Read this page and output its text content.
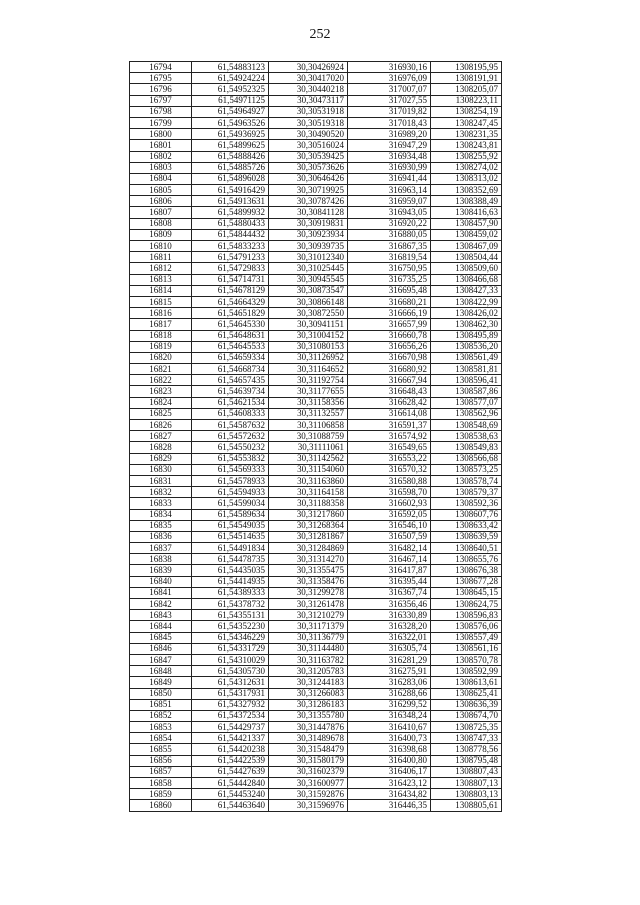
252
16794	61,54883123	30,30426924	316930,16	1308195,95
16795	61,54924224	30,30417020	316976,09	1308191,91
16796	61,54952325	30,30440218	317007,07	1308205,07
16797	61,54971125	30,30473117	317027,55	1308223,11
16798	61,54964927	30,30531918	317019,82	1308254,19
16799	61,54963526	30,30519318	317018,43	1308247,45
16800	61,54936925	30,30490520	316989,20	1308231,35
16801	61,54899625	30,30516024	316947,29	1308243,81
16802	61,54888426	30,30539425	316934,48	1308255,92
16803	61,54885726	30,30573626	316930,99	1308274,02
16804	61,54896028	30,30646426	316941,44	1308313,02
16805	61,54916429	30,30719925	316963,14	1308352,69
16806	61,54913631	30,30787426	316959,07	1308388,49
16807	61,54899932	30,30841128	316943,05	1308416,63
16808	61,54880433	30,30919831	316920,22	1308457,90
16809	61,54844432	30,30923934	316880,05	1308459,02
16810	61,54833233	30,30939735	316867,35	1308467,09
16811	61,54791233	30,31012340	316819,54	1308504,44
16812	61,54729833	30,31025445	316750,95	1308509,60
16813	61,54714731	30,30945545	316735,25	1308466,68
16814	61,54678129	30,30873547	316695,48	1308427,33
16815	61,54664329	30,30866148	316680,21	1308422,99
16816	61,54651829	30,30872550	316666,19	1308426,02
16817	61,54645330	30,30941151	316657,99	1308462,30
16818	61,54648631	30,31004152	316660,78	1308495,89
16819	61,54645533	30,31080153	316656,26	1308536,20
16820	61,54659334	30,31126952	316670,98	1308561,49
16821	61,54668734	30,31164652	316680,92	1308581,81
16822	61,54657435	30,31192754	316667,94	1308596,41
16823	61,54639734	30,31177655	316648,43	1308587,86
16824	61,54621534	30,31158356	316628,42	1308577,07
16825	61,54608333	30,31132557	316614,08	1308562,96
16826	61,54587632	30,31106858	316591,37	1308548,69
16827	61,54572632	30,31088759	316574,92	1308538,63
16828	61,54550232	30,31111061	316549,65	1308549,83
16829	61,54553832	30,31142562	316553,22	1308566,68
16830	61,54569333	30,31154060	316570,32	1308573,25
16831	61,54578933	30,31163860	316580,88	1308578,74
16832	61,54594933	30,31164158	316598,70	1308579,37
16833	61,54599034	30,31188358	316602,93	1308592,36
16834	61,54589634	30,31217860	316592,05	1308607,76
16835	61,54549035	30,31268364	316546,10	1308633,42
16836	61,54514635	30,31281867	316507,59	1308639,59
16837	61,54491834	30,31284869	316482,14	1308640,51
16838	61,54478735	30,31314270	316467,14	1308655,76
16839	61,54435035	30,31355475	316417,87	1308676,38
16840	61,54414935	30,31358476	316395,44	1308677,28
16841	61,54389333	30,31299278	316367,74	1308645,15
16842	61,54378732	30,31261478	316356,46	1308624,75
16843	61,54355131	30,31210279	316330,89	1308596,83
16844	61,54352230	30,31171379	316328,20	1308576,06
16845	61,54346229	30,31136779	316322,01	1308557,49
16846	61,54331729	30,31144480	316305,74	1308561,16
16847	61,54310029	30,31163782	316281,29	1308570,78
16848	61,54305730	30,31205783	316275,91	1308592,99
16849	61,54312631	30,31244183	316283,06	1308613,61
16850	61,54317931	30,31266083	316288,66	1308625,41
16851	61,54327932	30,31286183	316299,52	1308636,39
16852	61,54372534	30,31355780	316348,24	1308674,70
16853	61,54429737	30,31447876	316410,67	1308725,35
16854	61,54421337	30,31489678	316400,73	1308747,33
16855	61,54420238	30,31548479	316398,68	1308778,56
16856	61,54422539	30,31580179	316400,80	1308795,48
16857	61,54427639	30,31602379	316406,17	1308807,43
16858	61,54442840	30,31600977	316423,12	1308807,13
16859	61,54453240	30,31592876	316434,82	1308803,13
16860	61,54463640	30,31596976	316446,35	1308805,61
